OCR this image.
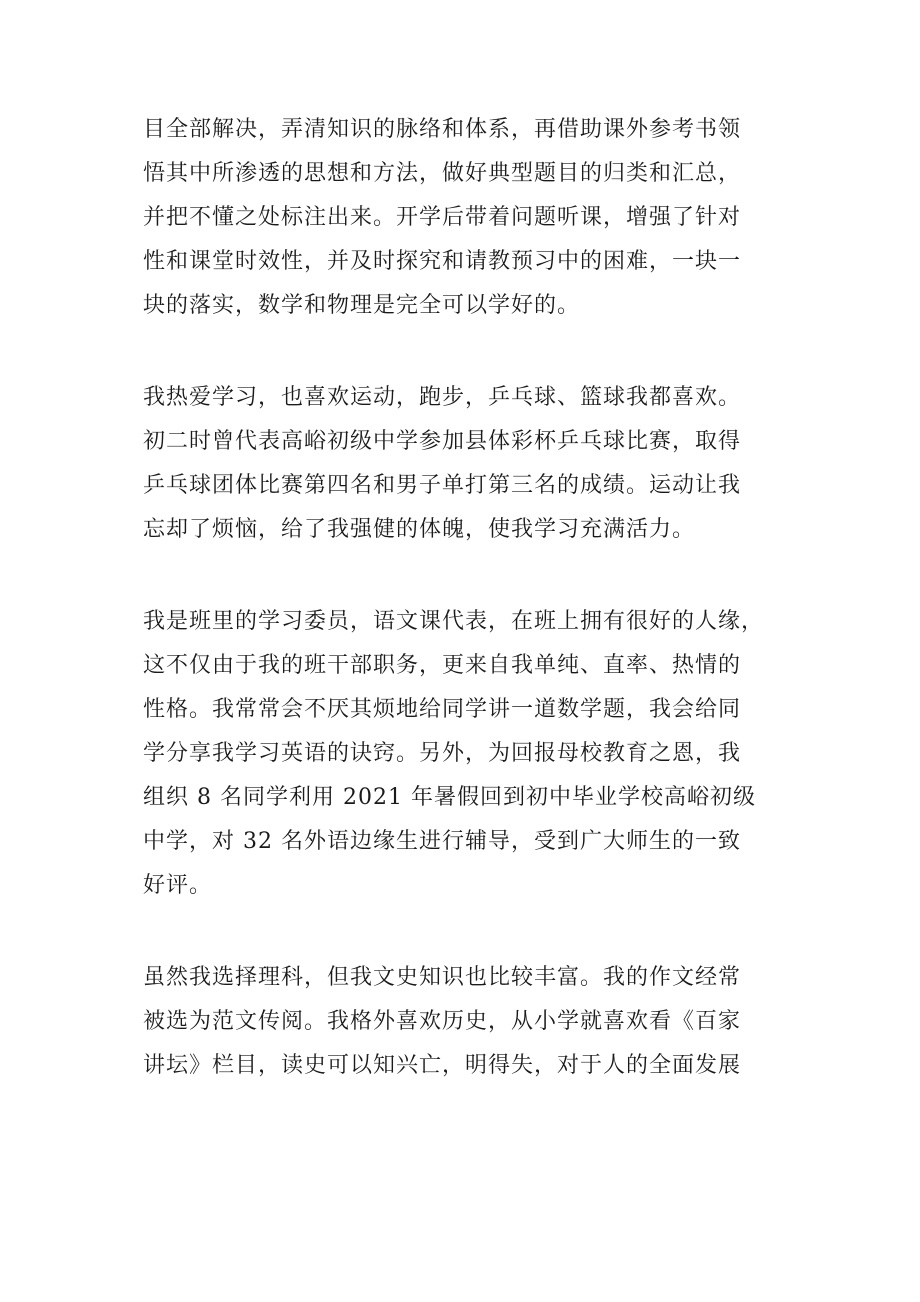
目全部解决，弄清知识的脉络和体系，再借助课外参考书领
悟其中所渗透的思想和方法，做好典型题目的归类和汇总，
并把不懂之处标注出来。开学后带着问题听课，增强了针对
性和课堂时效性，并及时探究和请教预习中的困难，一块一
块的落实，数学和物理是完全可以学好的。
我热爱学习，也喜欢运动，跑步，乒乓球、篮球我都喜欢。
初二时曾代表高峪初级中学参加县体彩杯乒乓球比赛，取得
乒乓球团体比赛第四名和男子单打第三名的成绩。运动让我
忘却了烦恼，给了我强健的体魄，使我学习充满活力。
我是班里的学习委员，语文课代表，在班上拥有很好的人缘，
这不仅由于我的班干部职务，更来自我单纯、直率、热情的
性格。我常常会不厌其烦地给同学讲一道数学题，我会给同
学分享我学习英语的诀窍。另外，为回报母校教育之恩，我
组织 8 名同学利用 2021 年暑假回到初中毕业学校高峪初级
中学，对 32 名外语边缘生进行辅导，受到广大师生的一致
好评。
虽然我选择理科，但我文史知识也比较丰富。我的作文经常
被选为范文传阅。我格外喜欢历史，从小学就喜欢看《百家
讲坛》栏目，读史可以知兴亡，明得失，对于人的全面发展
